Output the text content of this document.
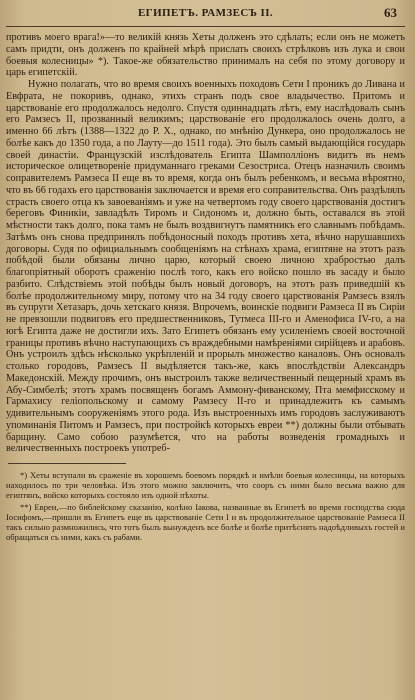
ЕГИПЕТЪ. РАМЗЕСЪ II.	63

противъ моего врага!»—то великій князь Хеты долженъ это сдѣлать; если онъ не можетъ самъ придти, онъ долженъ по крайней мѣрѣ прислать своихъ стрѣлковъ изъ лука и свои боевыя колесницы» *). Такое-же обязательство принималъ на себя по этому договору и царь египетскій.

Нужно полагать, что во время своихъ военныхъ походовъ Сети I проникъ до Ливана и Евфрата, не покоривъ, однако, этихъ странъ подъ свое владычество. Притомъ и царствованіе его продолжалось недолго. Спустя одиннадцать лѣтъ, ему наслѣдовалъ сынъ его Рамзесъ II, прозванный великимъ; царствованіе его продолжалось очень долго, а именно 66 лѣтъ (1388—1322 до Р. Х., однако, по мнѣнію Дункера, оно продолжалось не болѣе какъ до 1350 года, а по Лауту—до 1511 года). Это былъ самый выдающійся государь своей династіи. Французскій изслѣдователь Египта Шамполліонъ видитъ въ немъ историческое олицетвореніе придуманнаго греками Сезостриса. Отецъ назначилъ своимъ соправителемъ Рамзеса II еще въ то время, когда онъ былъ ребенкомъ, и весьма вѣроятно, что въ 66 годахъ его царствованія заключается и время его соправительства. Онъ раздѣлялъ страсть своего отца къ завоеваніямъ и уже на четвертомъ году своего царствованія достигъ береговъ Финикіи, завладѣлъ Тиромъ и Сидономъ и, должно быть, оставался въ этой мѣстности такъ долго, пока тамъ не былъ воздвигнутъ памятникъ его славнымъ побѣдамъ. Затѣмъ онъ снова предпринялъ побѣдоносный походъ противъ хета, вѣчно нарушавшихъ договоры. Судя по официальнымъ сообщеніямъ на стѣнахъ храма, египтяне на этотъ разъ побѣдой были обязаны лично царю, который своею личною храбростью далъ благопріятный оборотъ сраженію послѣ того, какъ его войско пошло въ засаду и было разбито. Слѣдствіемъ этой побѣды былъ новый договоръ, на этотъ разъ приведшій къ болѣе продолжительному миру, потому что на 34 году своего царствованія Рамзесъ взялъ въ супруги Хетазаръ, дочь хетскаго князя. Впрочемъ, воинскіе подвиги Рамзеса II въ Сиріи не превзошли подвиговъ его предшественниковъ, Тутмеса III-го и Аменофиса IV-го, а на югѣ Египта даже не достигли ихъ. Зато Египетъ обязанъ ему усиленіемъ своей восточной границы противъ вѣчно наступающихъ съ враждебными намѣреніями сирійцевъ и арабовъ. Онъ устроилъ здѣсь нѣсколько укрѣпленій и прорылъ множество каналовъ. Онъ основалъ столько городовъ, Рамзесъ II выдѣляется такъ-же, какъ впослѣдствіи Александръ Македонскій. Между прочимъ, онъ выстроилъ также величественный пещерный храмъ въ Абу-Симбелѣ; этотъ храмъ посвященъ богамъ Аммону-фиванскому, Пта мемфисскому и Гармахису геліопольскому и самому Рамзесу II-го и принадлежитъ къ самымъ удивительнымъ сооруженіямъ этого рода. Изъ выстроенныхъ имъ городовъ заслуживаютъ упоминанія Питомъ и Рамзесъ, при постройкѣ которыхъ евреи **) должны были отбывать барщину. Само собою разумѣется, что на работы возведенія громадныхъ и величественныхъ построекъ употреб-

*) Хеты вступали въ сраженіе въ хорошемъ боевомъ порядкѣ и имѣли боевыя колесницы, на которыхъ находилось по три человѣка. Изъ этого можно заключить, что сооръ съ ними было весьма важно для египтянъ, войско которыхъ состояло изъ одной пѣхоты.

**) Евреи,—по библейскому сказанію, колѣно Іакова, названные въ Египетѣ во время господства сюда Іосифомъ,—пришли въ Египетъ еще въ царствованіе Сети I и въ продолжительное царствованіе Рамзеса II такъ сильно размножились, что тотъ былъ вынужденъ все болѣе и болѣе притѣснять надоѣдливыхъ гостей и обращаться съ ними, какъ съ рабами.
